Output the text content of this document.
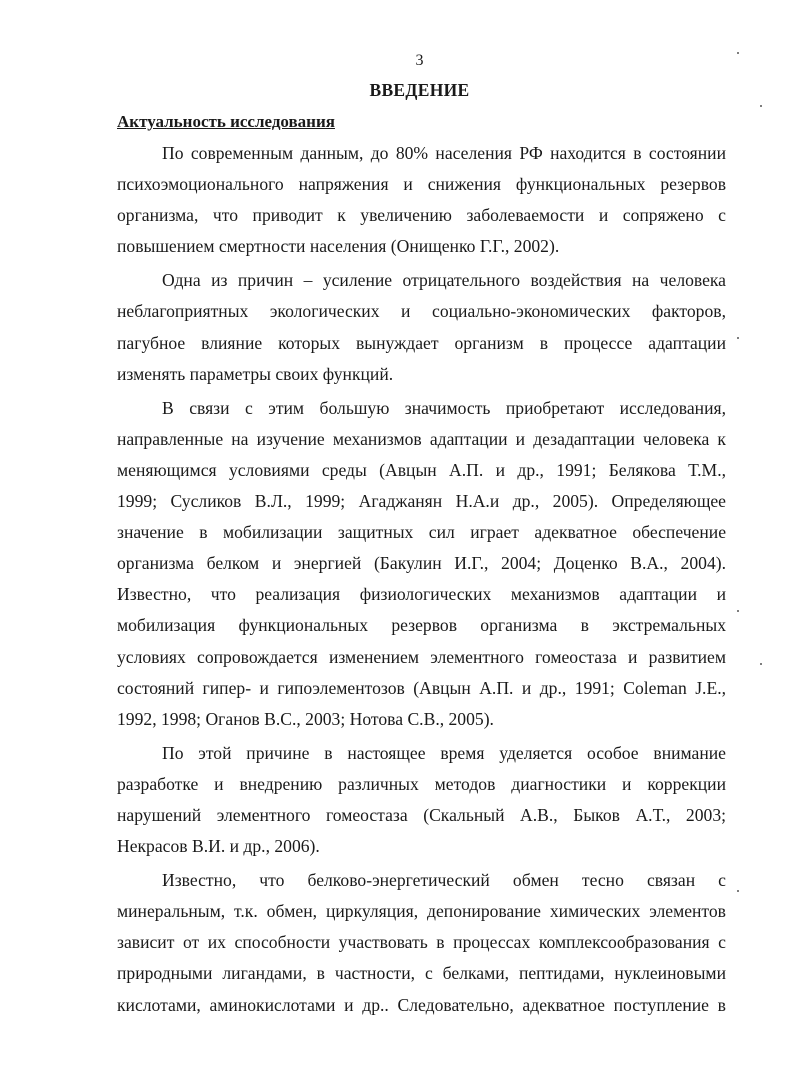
3
ВВЕДЕНИЕ
Актуальность исследования
По современным данным, до 80% населения РФ находится в состоянии
психоэмоционального напряжения и снижения функциональных резервов
организма, что приводит к увеличению заболеваемости и сопряжено с
повышением смертности населения (Онищенко Г.Г., 2002).
Одна из причин – усиление отрицательного воздействия на человека
неблагоприятных экологических и социально-экономических факторов,
пагубное влияние которых вынуждает организм в процессе адаптации
изменять параметры своих функций.
В связи с этим большую значимость приобретают исследования,
направленные на изучение механизмов адаптации и дезадаптации человека к
меняющимся условиями среды (Авцын А.П. и др., 1991; Белякова Т.М.,
1999; Сусликов В.Л., 1999; Агаджанян Н.А.и др., 2005). Определяющее
значение в мобилизации защитных сил играет адекватное обеспечение
организма белком и энергией (Бакулин И.Г., 2004; Доценко В.А., 2004).
Известно, что реализация физиологических механизмов адаптации и
мобилизация функциональных резервов организма в экстремальных
условиях сопровождается изменением элементного гомеостаза и развитием
состояний гипер- и гипоэлементозов (Авцын А.П. и др., 1991; Coleman J.E.,
1992, 1998; Оганов В.С., 2003; Нотова С.В., 2005).
По этой причине в настоящее время уделяется особое внимание
разработке и внедрению различных методов диагностики и коррекции
нарушений элементного гомеостаза (Скальный А.В., Быков А.Т., 2003;
Некрасов В.И. и др., 2006).
Известно, что белково-энергетический обмен тесно связан с
минеральным, т.к. обмен, циркуляция, депонирование химических элементов
зависит от их способности участвовать в процессах комплексообразования с
природными лигандами, в частности, с белками, пептидами, нуклеиновыми
кислотами, аминокислотами и др.. Следовательно, адекватное поступление в
